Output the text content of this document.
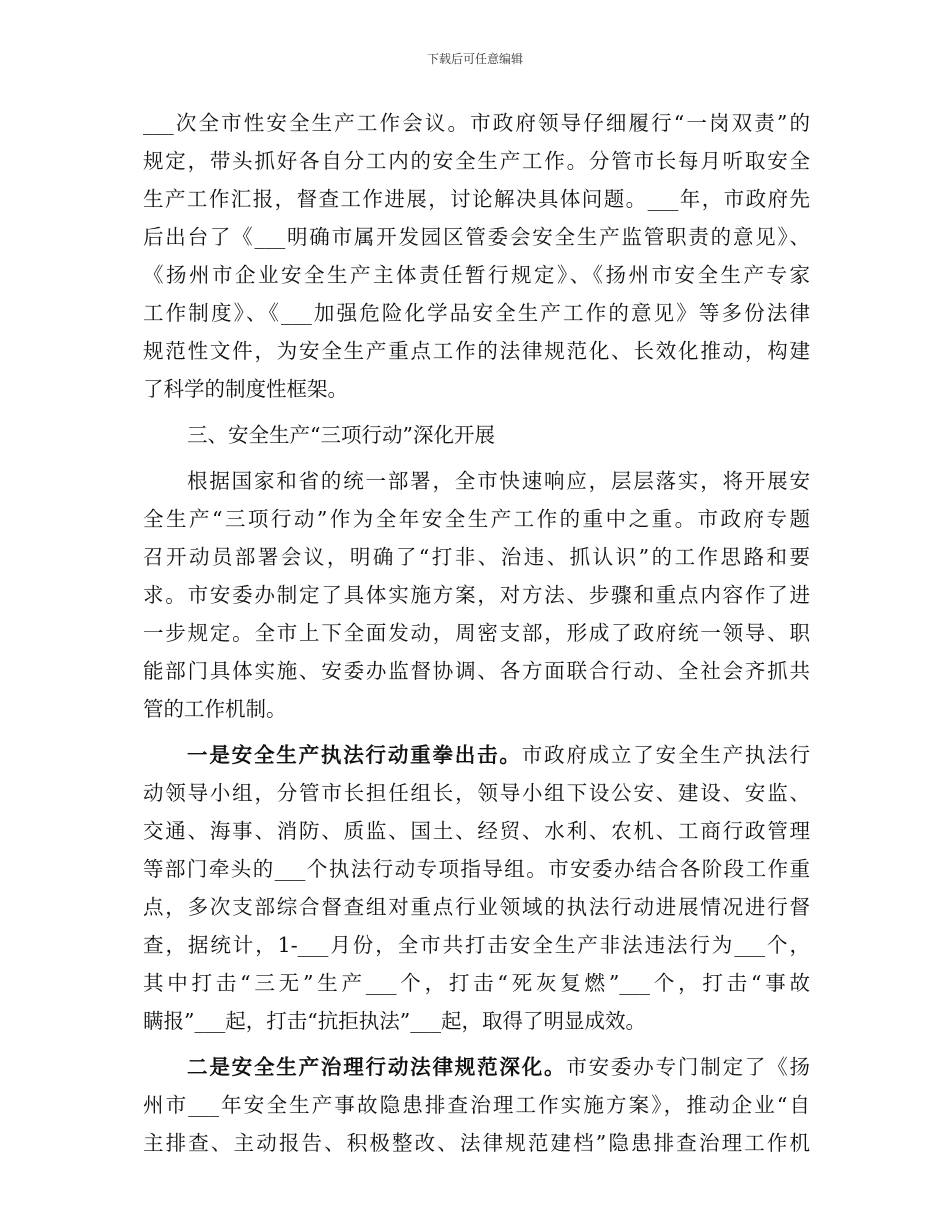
下载后可任意编辑
___次全市性安全生产工作会议。市政府领导仔细履行“一岗双责”的
规定，带头抓好各自分工内的安全生产工作。分管市长每月听取安全
生产工作汇报，督查工作进展，讨论解决具体问题。___年，市政府先
后出台了《___明确市属开发园区管委会安全生产监管职责的意见》、
《扬州市企业安全生产主体责任暂行规定》、《扬州市安全生产专家
工作制度》、《___加强危险化学品安全生产工作的意见》等多份法律
规范性文件，为安全生产重点工作的法律规范化、长效化推动，构建
了科学的制度性框架。
三、安全生产“三项行动”深化开展
根据国家和省的统一部署，全市快速响应，层层落实，将开展安
全生产“三项行动”作为全年安全生产工作的重中之重。市政府专题
召开动员部署会议，明确了“打非、治违、抓认识”的工作思路和要
求。市安委办制定了具体实施方案，对方法、步骤和重点内容作了进
一步规定。全市上下全面发动，周密支部，形成了政府统一领导、职
能部门具体实施、安委办监督协调、各方面联合行动、全社会齐抓共
管的工作机制。
一是安全生产执法行动重拳出击。市政府成立了安全生产执法行
动领导小组，分管市长担任组长，领导小组下设公安、建设、安监、
交通、海事、消防、质监、国土、经贸、水利、农机、工商行政管理
等部门牵头的___个执法行动专项指导组。市安委办结合各阶段工作重
点，多次支部综合督查组对重点行业领域的执法行动进展情况进行督
查，据统计，1-___月份，全市共打击安全生产非法违法行为___个，
其中打击“三无”生产___个，打击“死灰复燃”___个，打击“事故
瞒报”___起，打击“抗拒执法”___起，取得了明显成效。
二是安全生产治理行动法律规范深化。市安委办专门制定了《扬
州市___年安全生产事故隐患排查治理工作实施方案》，推动企业“自
主排查、主动报告、积极整改、法律规范建档”隐患排查治理工作机
